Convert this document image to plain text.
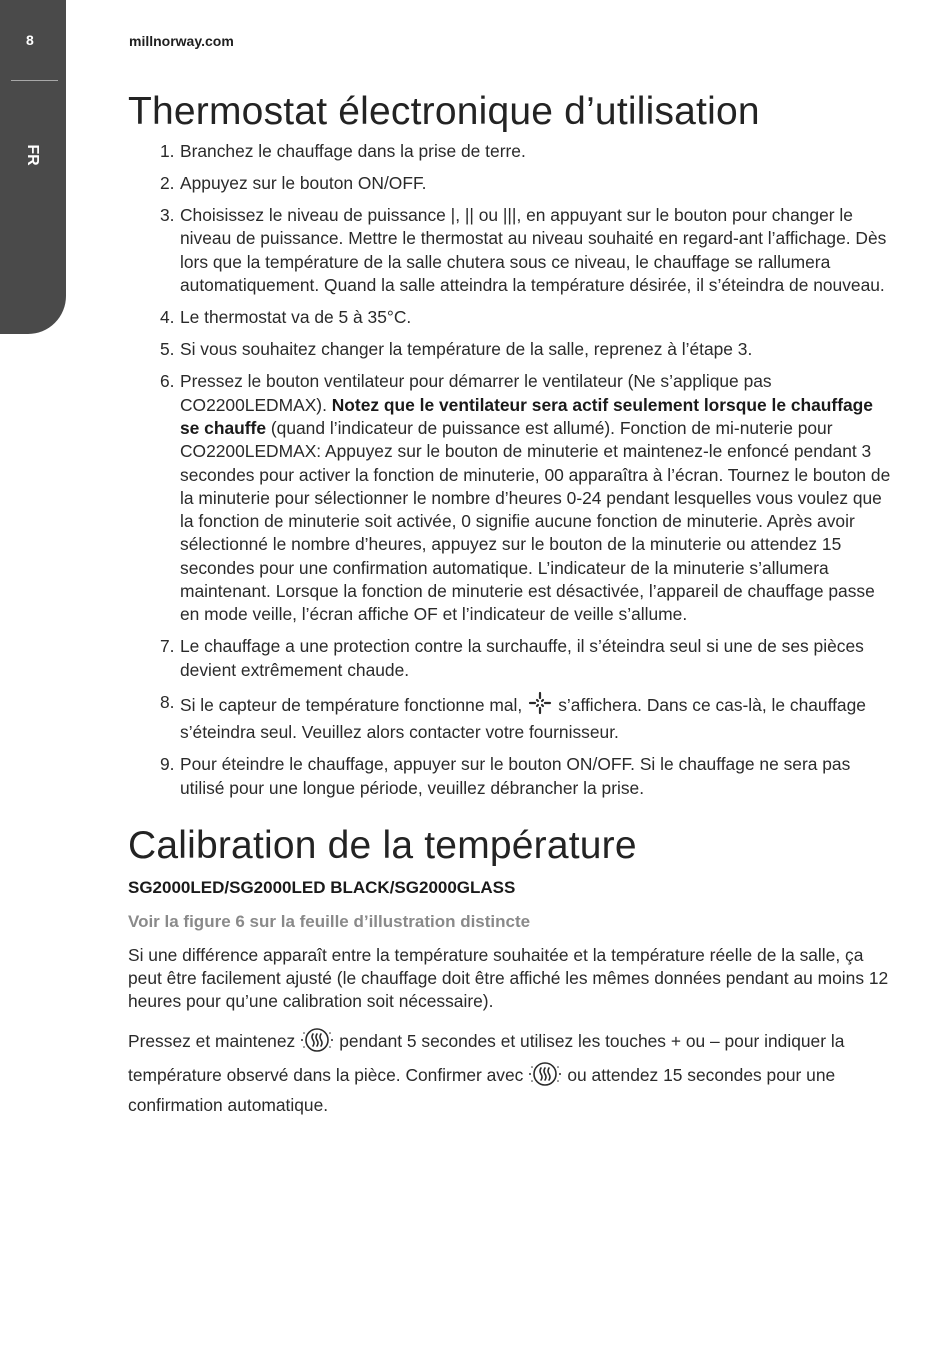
8
FR
millnorway.com
Thermostat électronique d’utilisation
1. Branchez le chauffage dans la prise de terre.
2. Appuyez sur le bouton ON/OFF.
3. Choisissez le niveau de puissance |, || ou |||, en appuyant sur le bouton pour changer le niveau de puissance. Mettre le thermostat au niveau souhaité en regard-ant l’affichage. Dès lors que la température de la salle chutera sous ce niveau, le chauffage se rallumera automatiquement. Quand la salle atteindra la température désirée, il s’éteindra de nouveau.
4. Le thermostat va de 5 à 35°C.
5. Si vous souhaitez changer la température de la salle, reprenez à l’étape 3.
6. Pressez le bouton ventilateur pour démarrer le ventilateur (Ne s’applique pas CO2200LEDMAX). Notez que le ventilateur sera actif seulement lorsque le chauffage se chauffe (quand l’indicateur de puissance est allumé). Fonction de mi-nuterie pour CO2200LEDMAX: Appuyez sur le bouton de minuterie et maintenez-le enfoncé pendant 3 secondes pour activer la fonction de minuterie, 00 apparaîtra à l’écran. Tournez le bouton de la minuterie pour sélectionner le nombre d’heures 0-24 pendant lesquelles vous voulez que la fonction de minuterie soit activée, 0 signifie aucune fonction de minuterie. Après avoir sélectionné le nombre d’heures, appuyez sur le bouton de la minuterie ou attendez 15 secondes pour une confirmation automatique. L’indicateur de la minuterie s’allumera maintenant. Lorsque la fonction de minuterie est désactivée, l’appareil de chauffage passe en mode veille, l’écran affiche OF et l’indicateur de veille s’allume.
7. Le chauffage a une protection contre la surchauffe, il s’éteindra seul si une de ses pièces devient extrêmement chaude.
8. Si le capteur de température fonctionne mal, s’affichera. Dans ce cas-là, le chauffage s’éteindra seul. Veuillez alors contacter votre fournisseur.
9. Pour éteindre le chauffage, appuyer sur le bouton ON/OFF. Si le chauffage ne sera pas utilisé pour une longue période, veuillez débrancher la prise.
Calibration de la température

SG2000LED/SG2000LED BLACK/SG2000GLASS

Voir la figure 6 sur la feuille d’illustration distincte

Si une différence apparaît entre la température souhaitée et la température réelle de la salle, ça peut être facilement ajusté (le chauffage doit être affiché les mêmes données pendant au moins 12 heures pour qu’une calibration soit nécessaire).

Pressez et maintenez	pendant 5 secondes et utilisez les touches + ou – pour indiquer la température observé dans la pièce. Confirmer avec	ou attendez 15 secondes pour une confirmation automatique.
